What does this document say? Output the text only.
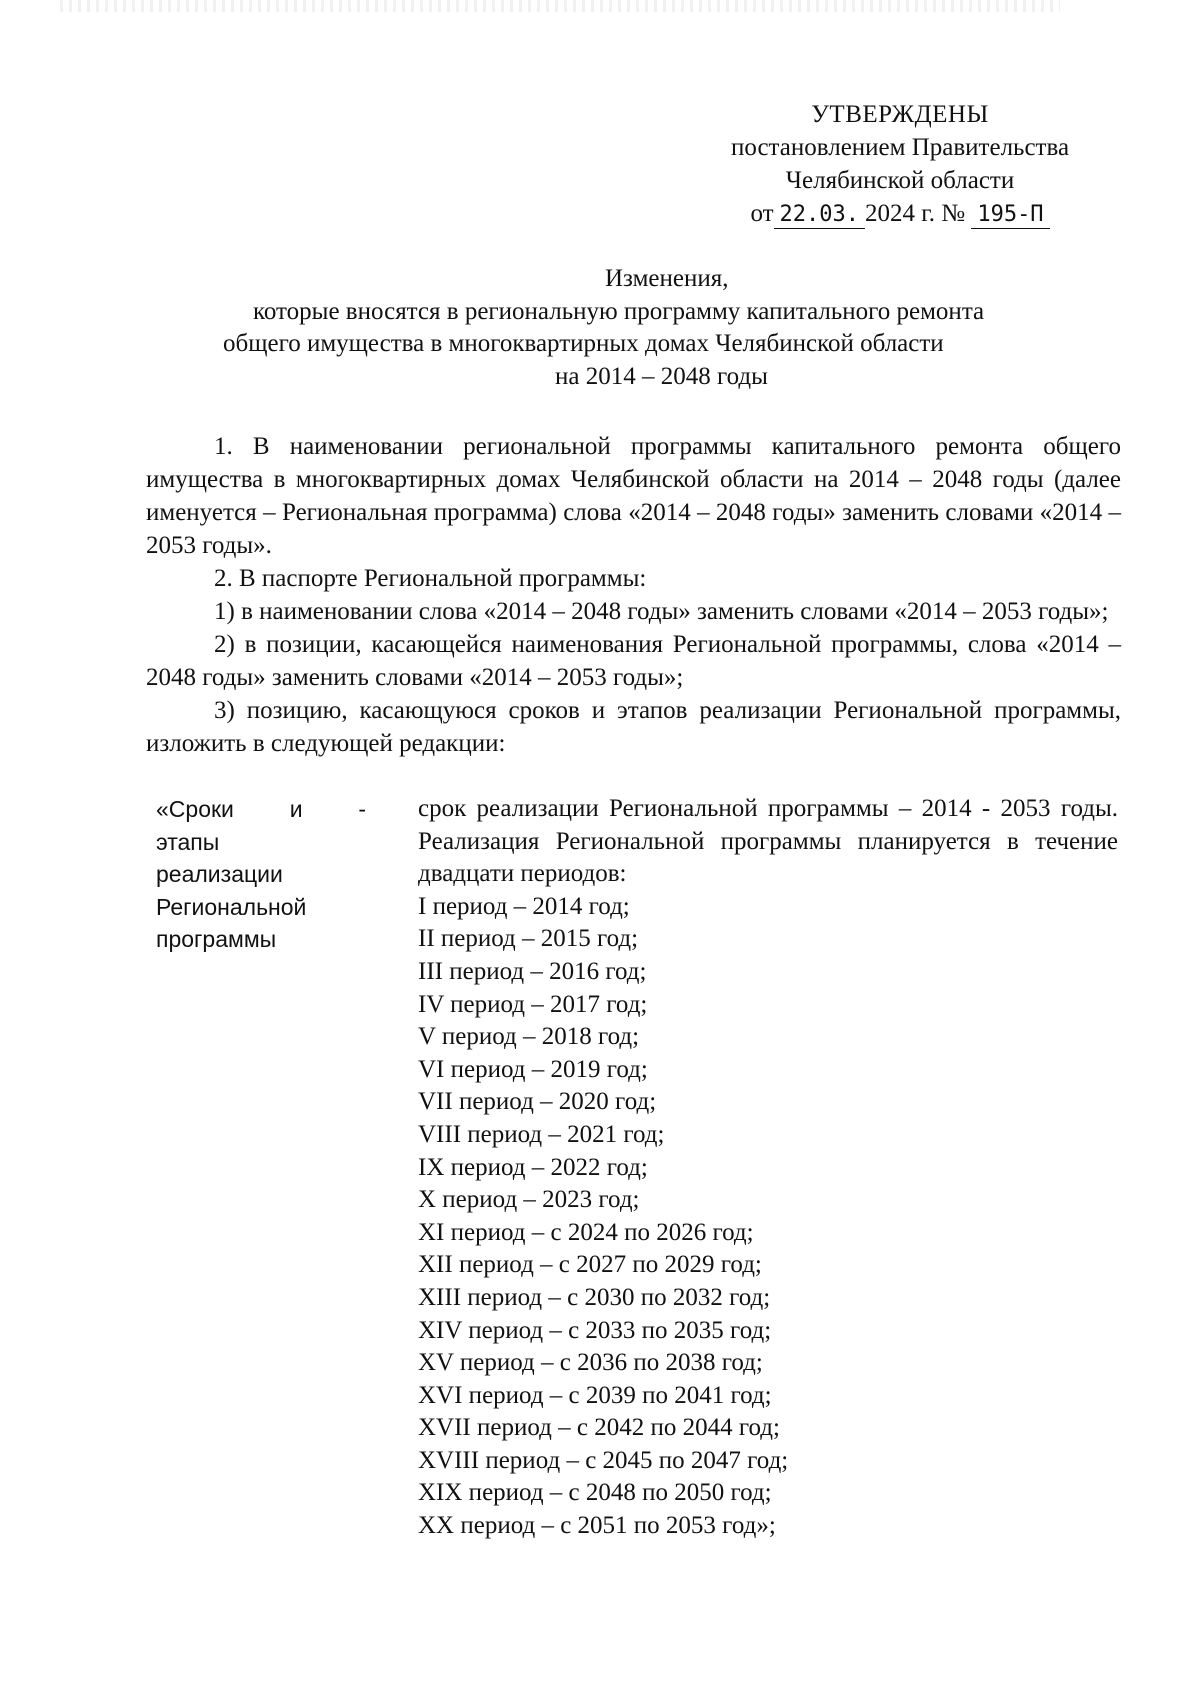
УТВЕРЖДЕНЫ
постановлением Правительства
Челябинской области
от 22.03. 2024 г. № 195-П
Изменения,
которые вносятся в региональную программу капитального ремонта
общего имущества в многоквартирных домах Челябинской области
на 2014 – 2048 годы

1. В наименовании региональной программы капитального ремонта общего имущества в многоквартирных домах Челябинской области на 2014 – 2048 годы (далее именуется – Региональная программа) слова «2014 – 2048 годы» заменить словами «2014 – 2053 годы».

2. В паспорте Региональной программы:

1) в наименовании слова «2014 – 2048 годы» заменить словами «2014 – 2053 годы»;

2) в позиции, касающейся наименования Региональной программы, слова «2014 – 2048 годы» заменить словами «2014 – 2053 годы»;

3) позицию, касающуюся сроков и этапов реализации Региональной программы, изложить в следующей редакции:

«Сроки и -
этапы
реализации
Региональной
программы
срок реализации Региональной программы – 2014 - 2053 годы. Реализация Региональной программы планируется в течение двадцати периодов:
I период – 2014 год;
II период – 2015 год;
III период – 2016 год;
IV период – 2017 год;
V период – 2018 год;
VI период – 2019 год;
VII период – 2020 год;
VIII период – 2021 год;
IX период – 2022 год;
X период – 2023 год;
XI период – с 2024 по 2026 год;
XII период – с 2027 по 2029 год;
XIII период – с 2030 по 2032 год;
XIV период – с 2033 по 2035 год;
XV период – с 2036 по 2038 год;
XVI период – с 2039 по 2041 год;
XVII период – с 2042 по 2044 год;
XVIII период – с 2045 по 2047 год;
XIX период – с 2048 по 2050 год;
XX период – с 2051 по 2053 год»;
